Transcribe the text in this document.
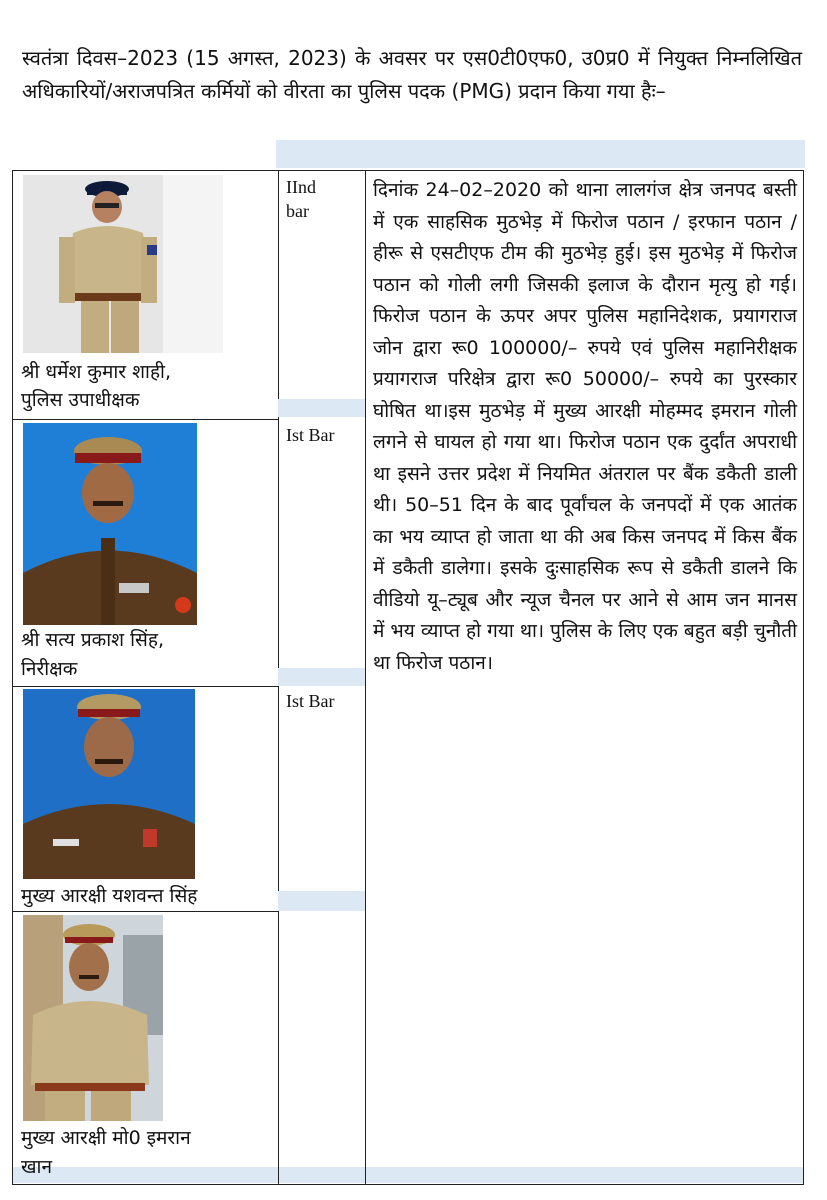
स्वतंत्रा दिवस–2023 (15 अगस्त, 2023) के अवसर पर एस0टी0एफ0, उ0प्र0 में नियुक्त निम्नलिखित अधिकारियों/अराजपत्रित कर्मियों को वीरता का पुलिस पदक (PMG) प्रदान किया गया हैः–

श्री धर्मेश कुमार शाही,
पुलिस उपाधीक्षक
IInd
bar
श्री सत्य प्रकाश सिंह,
निरीक्षक
Ist Bar
मुख्य आरक्षी यशवन्त सिंह
Ist Bar
मुख्य आरक्षी मो0 इमरान
खान

दिनांक 24–02–2020 को थाना लालगंज क्षेत्र जनपद बस्ती में एक साहसिक मुठभेड़ में फिरोज पठान / इरफान पठान / हीरू से एसटीएफ टीम की मुठभेड़ हुई। इस मुठभेड़ में फिरोज पठान को गोली लगी जिसकी इलाज के दौरान मृत्यु हो गई। फिरोज पठान के ऊपर अपर पुलिस महानिदेशक, प्रयागराज जोन द्वारा रू0 100000/– रुपये एवं पुलिस महानिरीक्षक प्रयागराज परिक्षेत्र द्वारा रू0 50000/– रुपये का पुरस्कार घोषित था।इस मुठभेड़ में मुख्य आरक्षी मोहम्मद इमरान गोली लगने से घायल हो गया था। फिरोज पठान एक दुर्दांत अपराधी था इसने उत्तर प्रदेश में नियमित अंतराल पर बैंक डकैती डाली थी। 50–51 दिन के बाद पूर्वांचल के जनपदों में एक आतंक का भय व्याप्त हो जाता था की अब किस जनपद में किस बैंक में डकैती डालेगा। इसके दुःसाहसिक रूप से डकैती डालने कि वीडियो यू–ट्यूब और न्यूज चैनल पर आने से आम जन मानस में भय व्याप्त हो गया था। पुलिस के लिए एक बहुत बड़ी चुनौती था फिरोज पठान।
